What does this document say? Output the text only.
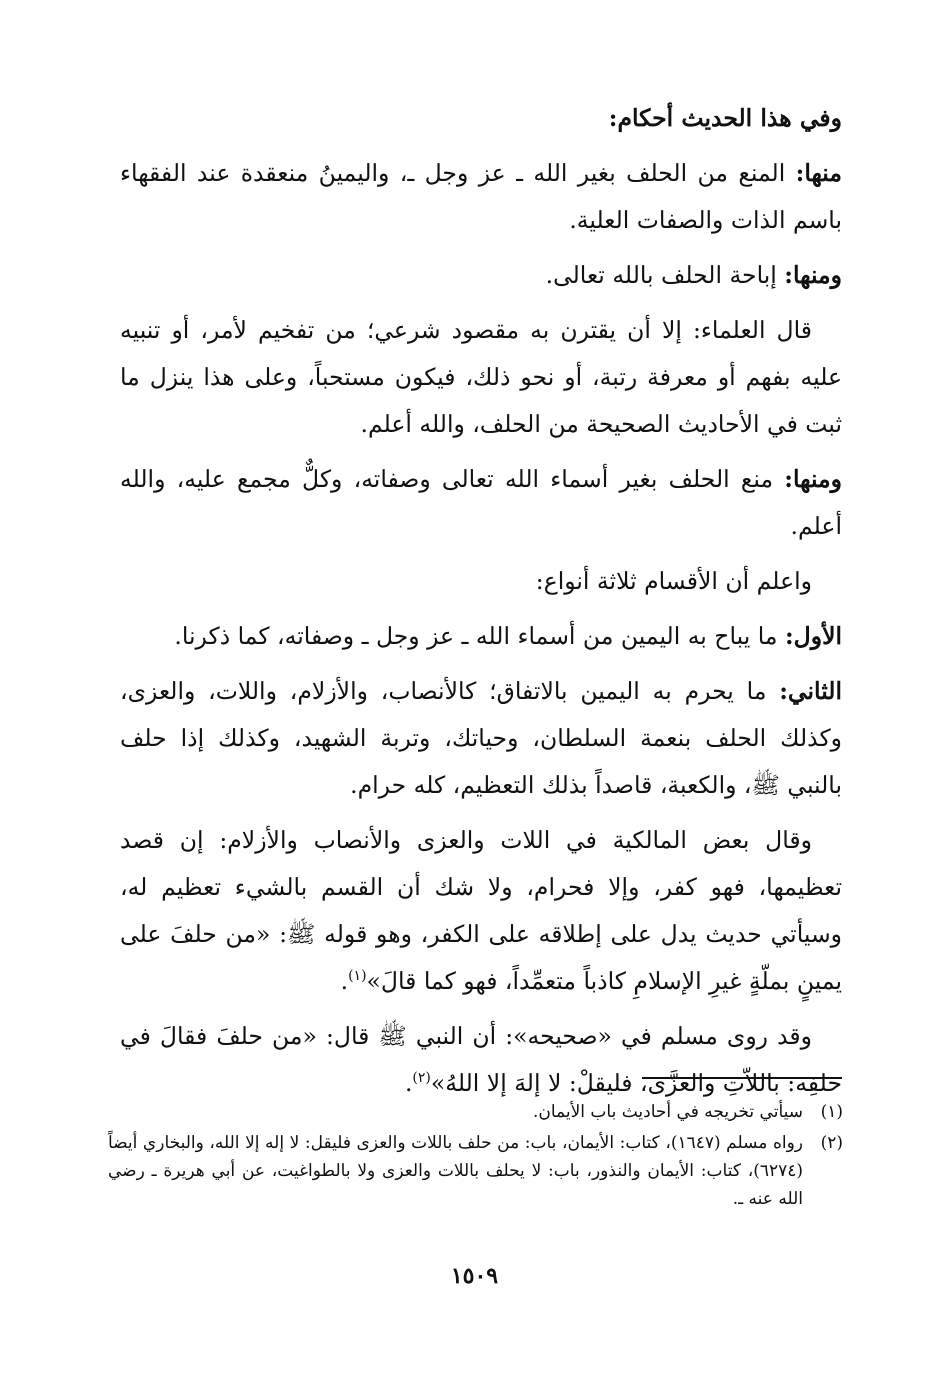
وفي هذا الحديث أحكام:

منها: المنع من الحلف بغير الله ـ عز وجل ـ، واليمينُ منعقدة عند الفقهاء باسم الذات والصفات العلية.

ومنها: إباحة الحلف بالله تعالى.

قال العلماء: إلا أن يقترن به مقصود شرعي؛ من تفخيم لأمر، أو تنبيه عليه بفهم أو معرفة رتبة، أو نحو ذلك، فيكون مستحباً، وعلى هذا ينزل ما ثبت في الأحاديث الصحيحة من الحلف، والله أعلم.

ومنها: منع الحلف بغير أسماء الله تعالى وصفاته، وكلٌّ مجمع عليه، والله أعلم.

واعلم أن الأقسام ثلاثة أنواع:

الأول: ما يباح به اليمين من أسماء الله ـ عز وجل ـ وصفاته، كما ذكرنا.

الثاني: ما يحرم به اليمين بالاتفاق؛ كالأنصاب، والأزلام، واللات، والعزى، وكذلك الحلف بنعمة السلطان، وحياتك، وتربة الشهيد، وكذلك إذا حلف بالنبي ﷺ، والكعبة، قاصداً بذلك التعظيم، كله حرام.

وقال بعض المالكية في اللات والعزى والأنصاب والأزلام: إن قصد تعظيمها، فهو كفر، وإلا فحرام، ولا شك أن القسم بالشيء تعظيم له، وسيأتي حديث يدل على إطلاقه على الكفر، وهو قوله ﷺ: «من حلفَ على يمينٍ بملّةٍ غيرِ الإسلامِ كاذباً متعمِّداً، فهو كما قالَ»$^{(١)}$.

وقد روى مسلم في «صحيحه»: أن النبي ﷺ قال: «من حلفَ فقالَ في حلفِه: باللاّتِ والعزَّى، فليقلْ: لا إلهَ إلا اللهُ»$^{(٢)}$.

(١)
سيأتي تخريجه في أحاديث باب الأيمان.
(٢)
رواه مسلم (١٦٤٧)، كتاب: الأيمان، باب: من حلف باللات والعزى فليقل: لا إله إلا الله، والبخاري أيضاً (٦٢٧٤)، كتاب: الأيمان والنذور، باب: لا يحلف باللات والعزى ولا بالطواغيت، عن أبي هريرة ـ رضي الله عنه ـ.
١٥٠٩
